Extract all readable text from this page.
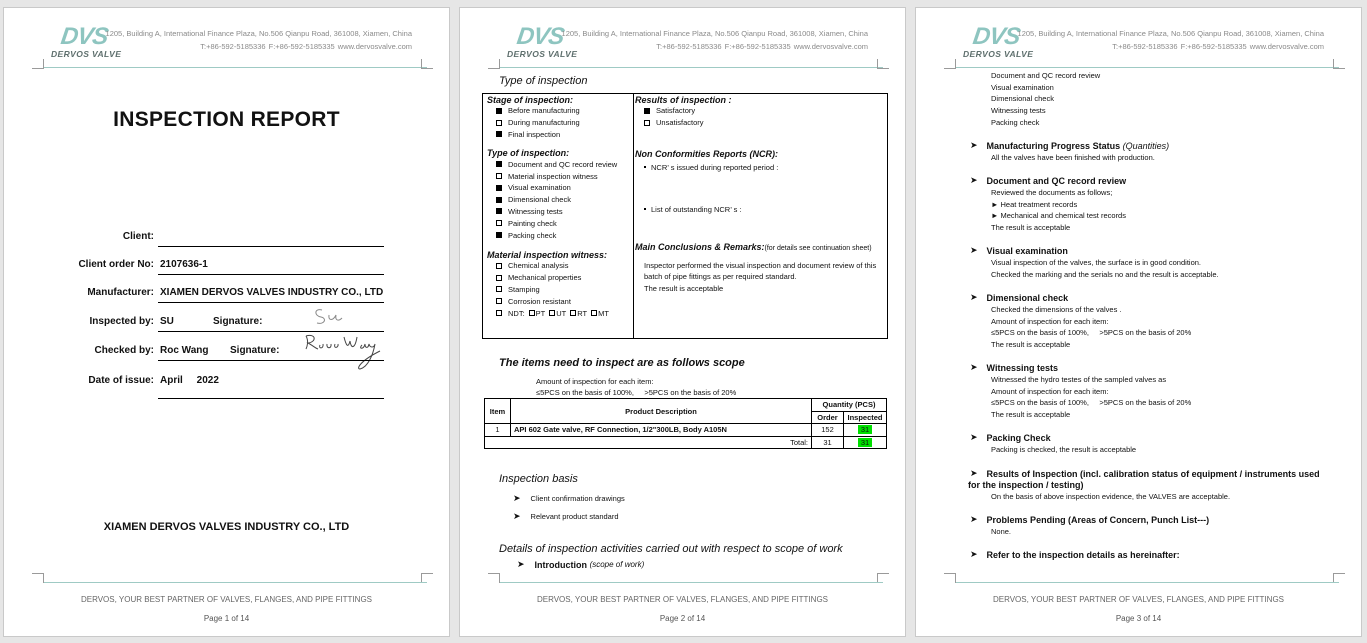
DVS
DERVOS VALVE
1205, Building A, International Finance Plaza, No.506 Qianpu Road, 361008, Xiamen, China
T:+86-592-5185336 F:+86-592-5185335 www.dervosvalve.com
INSPECTION REPORT
Client:
Client order No: 2107636-1
Manufacturer: XIAMEN DERVOS VALVES INDUSTRY CO., LTD
Inspected by: SU	Signature:
Checked by: Roc Wang	Signature:
Date of issue: April     2022
XIAMEN DERVOS VALVES INDUSTRY CO., LTD
DERVOS, YOUR BEST PARTNER OF VALVES, FLANGES, AND PIPE FITTINGS
Page 1 of 14
DVS
DERVOS VALVE
1205, Building A, International Finance Plaza, No.506 Qianpu Road, 361008, Xiamen, China
T:+86-592-5185336 F:+86-592-5185335 www.dervosvalve.com
Type of inspection
Stage of inspection:
Before manufacturing
During manufacturing
Final inspection
Type of inspection:
Document and QC record review
Material inspection witness
Visual examination
Dimensional check
Witnessing tests
Painting check
Packing check
Material inspection witness:
Chemical analysis
Mechanical properties
Stamping
Corrosion resistant
NDT: PT UT RT MT
Results of inspection :
Satisfactory
Unsatisfactory
Non Conformities Reports (NCR):
NCR’ s issued during reported period :
List of outstanding NCR’ s :
Main Conclusions & Remarks:(for details see continuation sheet)
Inspector performed the visual inspection and document review of this batch of pipe fittings as per required standard.
The result is acceptable
The items need to inspect are as follows scope
Amount of inspection for each item:
≤5PCS on the basis of 100%,     >5PCS on the basis of 20%
Item	Product Description	Quantity (PCS)	
		Order	Inspected
1	API 602 Gate valve, RF Connection, 1/2"300LB, Body A105N	152	31
Total:		31	31
Inspection basis
➤ Client confirmation drawings
➤ Relevant product standard
Details of inspection activities carried out with respect to scope of work
➤ Introduction
(scope of work)
DERVOS, YOUR BEST PARTNER OF VALVES, FLANGES, AND PIPE FITTINGS
Page 2 of 14
DVS
DERVOS VALVE
1205, Building A, International Finance Plaza, No.506 Qianpu Road, 361008, Xiamen, China
T:+86-592-5185336 F:+86-592-5185335 www.dervosvalve.com
Document and QC record review
Visual examination
Dimensional check
Witnessing tests
Packing check
➤ Manufacturing Progress Status
(Quantities)
All the valves have been finished with production.
➤ Document and QC record review
Reviewed the documents as follows;
► Heat treatment records
► Mechanical and chemical test records
The result is acceptable
➤ Visual examination
Visual inspection of the valves, the surface is in good condition.
Checked the marking and the serials no and the result is acceptable.
➤ Dimensional check
Checked the dimensions of the valves .
Amount of inspection for each item:
≤5PCS on the basis of 100%,     >5PCS on the basis of 20%
The result is acceptable
➤ Witnessing tests
Witnessed the hydro testes of the sampled valves as
Amount of inspection for each item:
≤5PCS on the basis of 100%,     >5PCS on the basis of 20%
The result is acceptable
➤ Packing Check
Packing is checked, the result is acceptable
➤ Results of Inspection (incl. calibration status of equipment / instruments used
for the inspection / testing)
On the basis of above inspection evidence, the VALVES are acceptable.
➤ Problems Pending (Areas of Concern, Punch List---)
None.
➤ Refer to the inspection details as hereinafter:
DERVOS, YOUR BEST PARTNER OF VALVES, FLANGES, AND PIPE FITTINGS
Page 3 of 14
